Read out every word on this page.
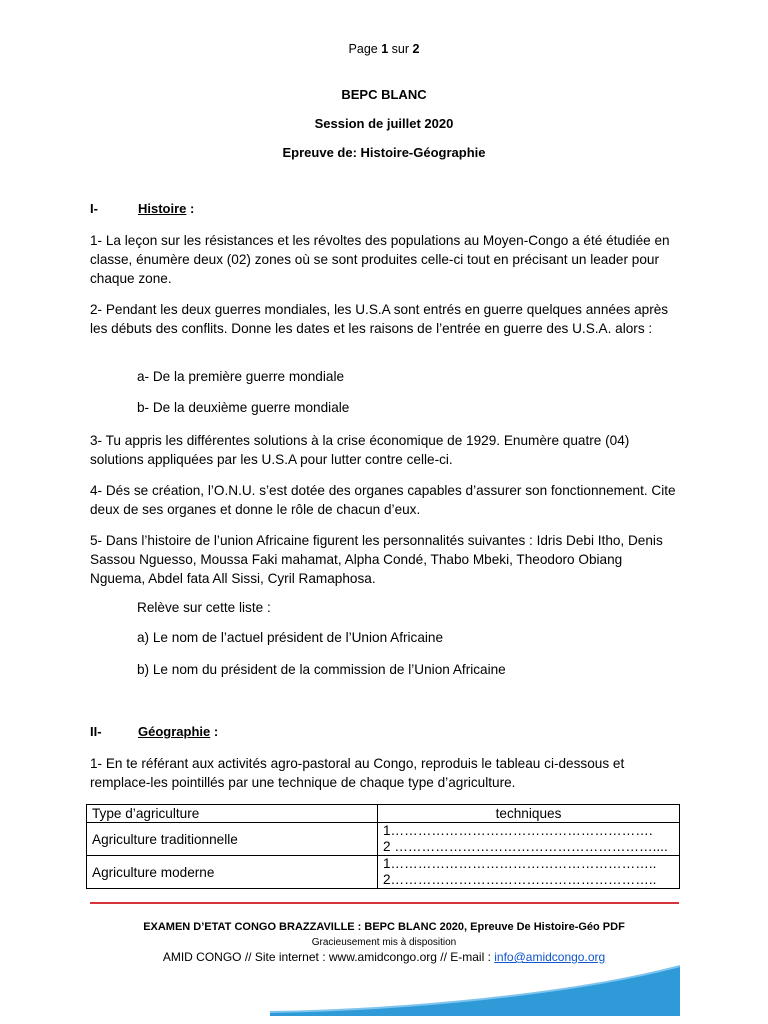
Page 1 sur 2
BEPC BLANC
Session de juillet 2020
Epreuve de: Histoire-Géographie
I-	Histoire :
1- La leçon sur les résistances et les révoltes des populations au Moyen-Congo a été étudiée en classe, énumère deux (02) zones où se sont produites celle-ci tout en précisant un leader pour chaque zone.
2- Pendant les deux guerres mondiales, les U.S.A sont entrés en guerre quelques années après les débuts des conflits. Donne les dates et les raisons de l’entrée en guerre des U.S.A. alors :
a- De la première guerre mondiale
b- De la deuxième guerre mondiale
3- Tu appris les différentes solutions à la crise économique de 1929. Enumère quatre (04) solutions appliquées par les U.S.A pour lutter contre celle-ci.
4- Dés se création, l’O.N.U. s’est dotée des organes capables d’assurer son fonctionnement. Cite deux de ses organes et donne le rôle de chacun d’eux.
5- Dans l’histoire de l’union Africaine figurent les personnalités suivantes : Idris Debi Itho, Denis Sassou Nguesso, Moussa Faki mahamat, Alpha Condé, Thabo Mbeki, Theodoro Obiang Nguema, Abdel fata All Sissi, Cyril Ramaphosa.
Relève sur cette liste :
a) Le nom de l’actuel président de l’Union Africaine
b) Le nom du président de la commission de l’Union Africaine
II-	Géographie :
1- En te référant aux activités agro-pastoral au Congo, reproduis le tableau ci-dessous et remplace-les pointillés par une technique de chaque type d’agriculture.
Type d’agriculture	techniques
Agriculture traditionnelle	1………………………………………………….
2 …………………………………………………....

Agriculture moderne	1…………………………………………………..
2…………………………………………………..
EXAMEN D’ETAT CONGO BRAZZAVILLE : BEPC BLANC 2020, Epreuve De Histoire-Géo PDF
Gracieusement mis à disposition
AMID CONGO // Site internet : www.amidcongo.org // E-mail : info@amidcongo.org
